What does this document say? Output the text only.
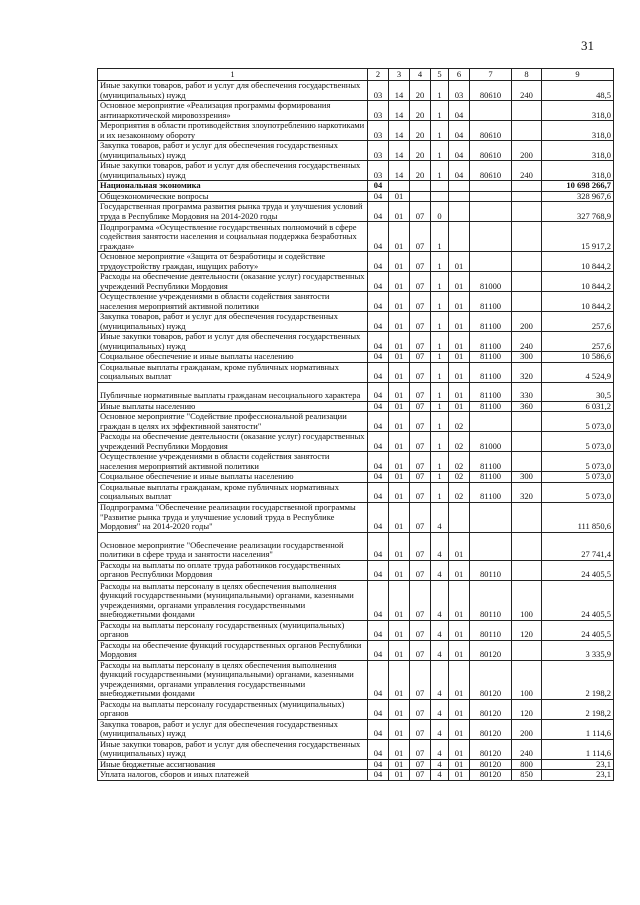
31
1	2	3	4	5	6	7	8	9
Иные закупки товаров, работ и услуг для обеспечения государственных (муниципальных) нужд	03	14	20	1	03	80610	240	48,5
Основное мероприятие «Реализация программы формирования антинаркотической мировоззрения»	03	14	20	1	04			318,0
Мероприятия в области противодействия злоупотреблению наркотиками и их незаконному обороту	03	14	20	1	04	80610		318,0
Закупка товаров, работ и услуг для обеспечения государственных (муниципальных) нужд	03	14	20	1	04	80610	200	318,0
Иные закупки товаров, работ и услуг для обеспечения государственных (муниципальных) нужд	03	14	20	1	04	80610	240	318,0
Национальная экономика	04							10 698 266,7
Общеэкономические вопросы	04	01						328 967,6
Государственная программа развития рынка труда и улучшения условий труда в Республике Мордовия на 2014-2020 годы	04	01	07	0				327 768,9
Подпрограмма «Осуществление государственных полномочий в сфере содействия занятости населения и социальная поддержка безработных граждан»	04	01	07	1				15 917,2
Основное мероприятие «Защита от безработицы и содействие трудоустройству граждан, ищущих работу»	04	01	07	1	01			10 844,2
Расходы на обеспечение деятельности (оказание услуг) государственных учреждений Республики Мордовия	04	01	07	1	01	81000		10 844,2
Осуществление учреждениями в области содействия занятости населения мероприятий активной политики	04	01	07	1	01	81100		10 844,2
Закупка товаров, работ и услуг для обеспечения государственных (муниципальных) нужд	04	01	07	1	01	81100	200	257,6
Иные закупки товаров, работ и услуг для обеспечения государственных (муниципальных) нужд	04	01	07	1	01	81100	240	257,6
Социальное обеспечение и иные выплаты населению	04	01	07	1	01	81100	300	10 586,6
Социальные выплаты гражданам, кроме публичных нормативных социальных выплат	04	01	07	1	01	81100	320	4 524,9
Публичные нормативные выплаты гражданам несоциального характера	04	01	07	1	01	81100	330	30,5
Иные выплаты населению	04	01	07	1	01	81100	360	6 031,2
Основное мероприятие "Содействие профессиональной реализации граждан в целях их эффективной занятости"	04	01	07	1	02			5 073,0
Расходы на обеспечение деятельности (оказание услуг) государственных учреждений Республики Мордовия	04	01	07	1	02	81000		5 073,0
Осуществление учреждениями в области содействия занятости населения мероприятий активной политики	04	01	07	1	02	81100		5 073,0
Социальное обеспечение и иные выплаты населению	04	01	07	1	02	81100	300	5 073,0
Социальные выплаты гражданам, кроме публичных нормативных социальных выплат	04	01	07	1	02	81100	320	5 073,0
Подпрограмма "Обеспечение реализации государственной программы "Развитие рынка труда и улучшение условий труда в Республике Мордовия" на 2014-2020 годы"	04	01	07	4				111 850,6
Основное мероприятие "Обеспечение реализации государственной политики в сфере труда и занятости населения"	04	01	07	4	01			27 741,4
Расходы на выплаты по оплате труда работников государственных органов Республики Мордовия	04	01	07	4	01	80110		24 405,5
Расходы на выплаты персоналу в целях обеспечения выполнения функций государственными (муниципальными) органами, казенными учреждениями, органами управления государственными внебюджетными фондами	04	01	07	4	01	80110	100	24 405,5
Расходы на выплаты персоналу государственных (муниципальных) органов	04	01	07	4	01	80110	120	24 405,5
Расходы на обеспечение функций государственных органов Республики Мордовия	04	01	07	4	01	80120		3 335,9
Расходы на выплаты персоналу в целях обеспечения выполнения функций государственными (муниципальными) органами, казенными учреждениями, органами управления государственными внебюджетными фондами	04	01	07	4	01	80120	100	2 198,2
Расходы на выплаты персоналу государственных (муниципальных) органов	04	01	07	4	01	80120	120	2 198,2
Закупка товаров, работ и услуг для обеспечения государственных (муниципальных) нужд	04	01	07	4	01	80120	200	1 114,6
Иные закупки товаров, работ и услуг для обеспечения государственных (муниципальных) нужд	04	01	07	4	01	80120	240	1 114,6
Иные бюджетные ассигнования	04	01	07	4	01	80120	800	23,1
Уплата налогов, сборов и иных платежей	04	01	07	4	01	80120	850	23,1
